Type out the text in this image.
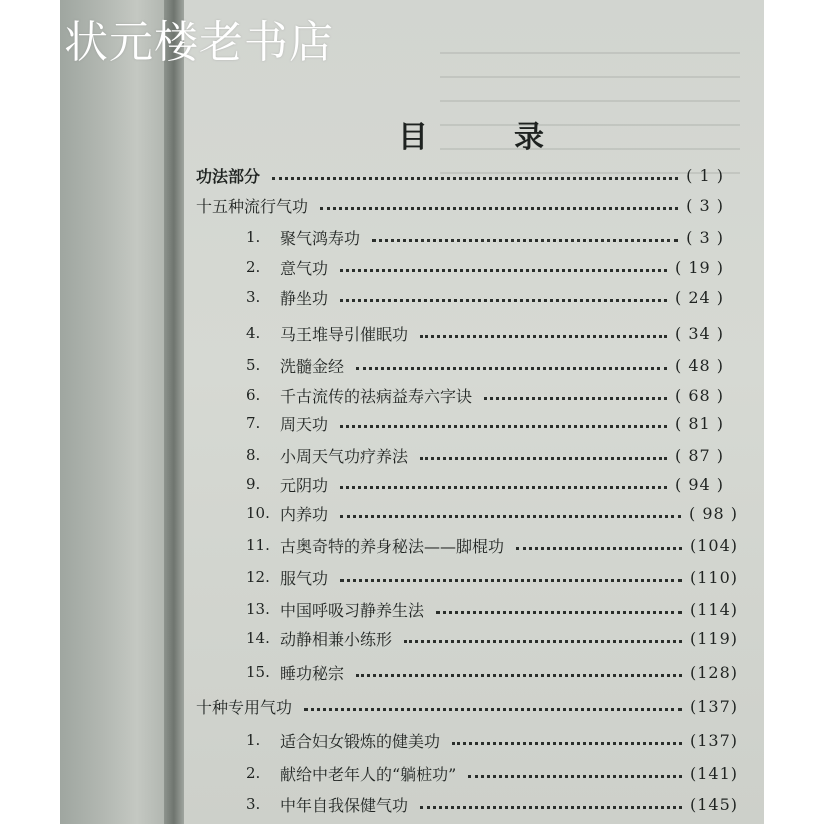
状元楼老书店
目　录
功法部分	( 1 )
十五种流行气功	( 3 )
1.	聚气鸿寿功	( 3 )
2.	意气功	( 19 )
3.	静坐功	( 24 )
4.	马王堆导引催眠功	( 34 )
5.	洗髓金经	( 48 )
6.	千古流传的祛病益寿六字诀	( 68 )
7.	周天功	( 81 )
8.	小周天气功疗养法	( 87 )
9.	元阴功	( 94 )
10. 内养功	( 98 )
11. 古奥奇特的养身秘法——脚棍功	(104)
12. 服气功	(110)
13. 中国呼吸习静养生法	(114)
14. 动静相兼小练形	(119)
15. 睡功秘宗	(128)
十种专用气功	(137)
1.	适合妇女锻炼的健美功	(137)
2.	献给中老年人的“躺桩功”	(141)
3.	中年自我保健气功	(145)
